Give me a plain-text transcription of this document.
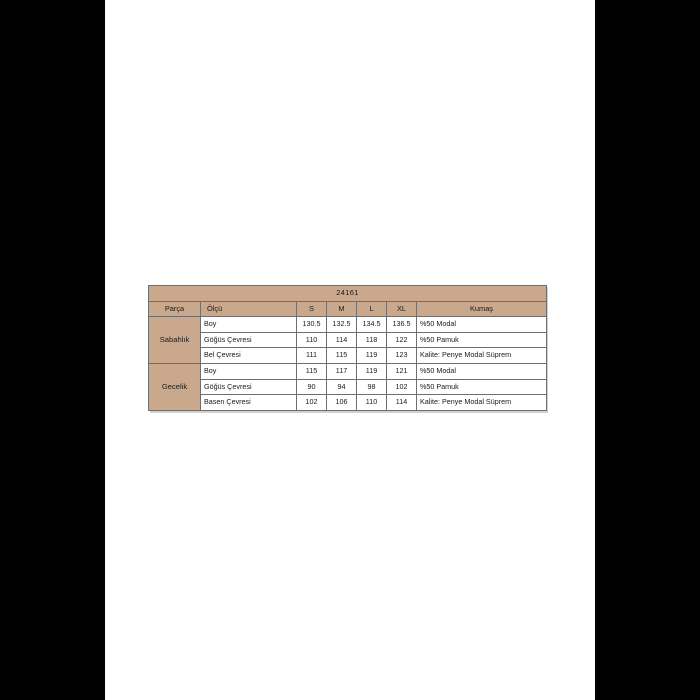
24161						
Parça	Ölçü	S	M	L	XL	Kumaş
Sabahlık	Boy	130.5	132.5	134.5	136.5	%50 Modal
	Göğüs Çevresi	110	114	118	122	%50 Pamuk
	Bel Çevresi	111	115	119	123	Kalite: Penye Modal Süprem
Gecelik	Boy	115	117	119	121	%50 Modal
	Göğüs Çevresi	90	94	98	102	%50 Pamuk
	Basen Çevresi	102	106	110	114	Kalite: Penye Modal Süprem
